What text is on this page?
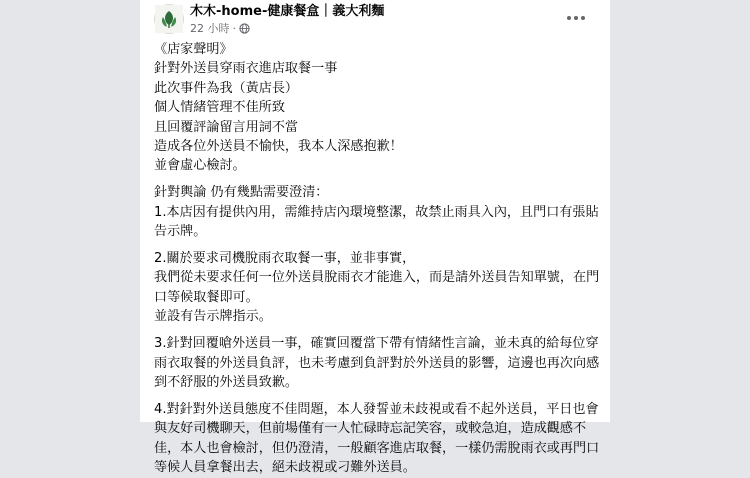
木木-home-健康餐盒｜義大利麵
22 小時 ·

《店家聲明》

針對外送員穿雨衣進店取餐一事

此次事件為我（黃店長）

個人情緒管理不佳所致

且回覆評論留言用詞不當

造成各位外送員不愉快，我本人深感抱歉！

並會虛心檢討。

針對輿論 仍有幾點需要澄清：

1.本店因有提供內用，需維持店內環境整潔，故禁止雨具入內，且門口有張貼

告示牌。

2.關於要求司機脫雨衣取餐一事，並非事實，

我們從未要求任何一位外送員脫雨衣才能進入，而是請外送員告知單號，在門

口等候取餐即可。

並設有告示牌指示。

3.針對回覆嗆外送員一事，確實回覆當下帶有情緒性言論，並未真的給每位穿

雨衣取餐的外送員負評，也未考慮到負評對於外送員的影響，這邊也再次向感

到不舒服的外送員致歉。

4.對針對外送員態度不佳問題，本人發誓並未歧視或看不起外送員，平日也會

與友好司機聊天，但前場僅有一人忙碌時忘記笑容，或較急迫，造成觀感不

佳，本人也會檢討，但仍澄清，一般顧客進店取餐，一樣仍需脫雨衣或再門口

等候人員拿餐出去，絕未歧視或刁難外送員。
